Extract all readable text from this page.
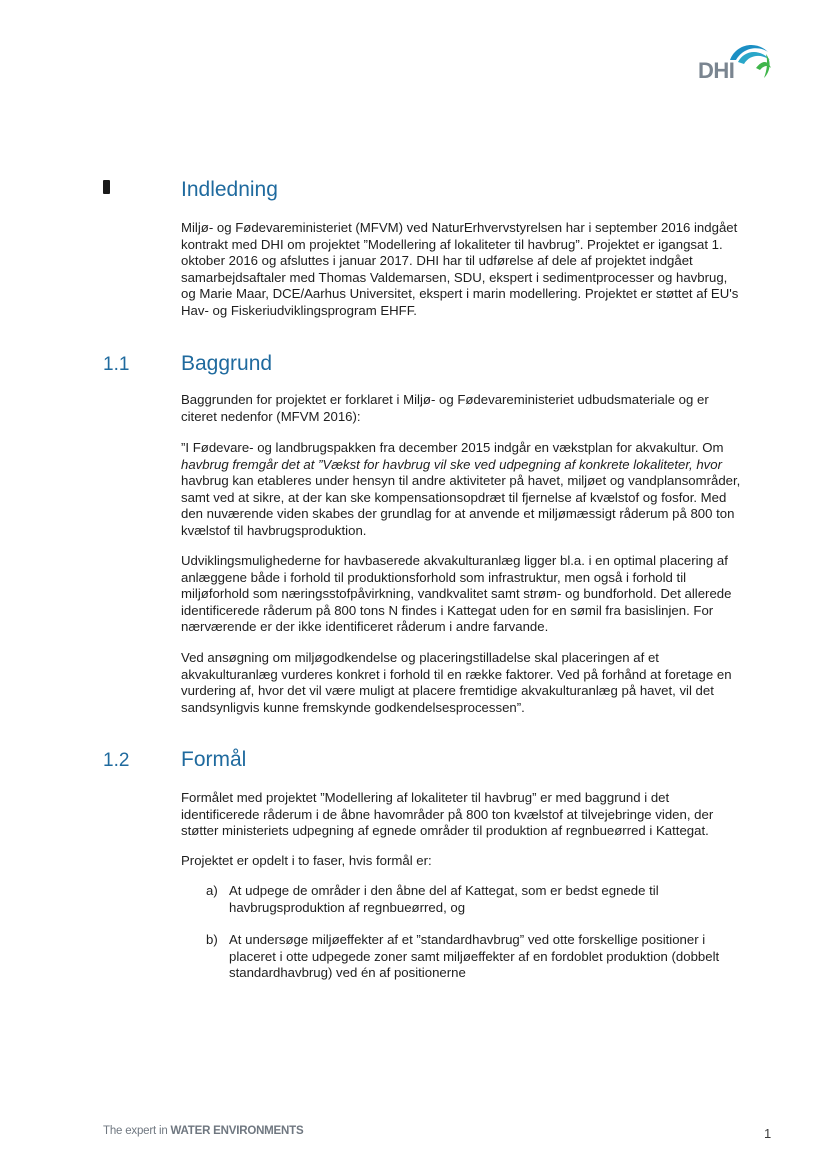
DHI
Indledning
Miljø- og Fødevareministeriet (MFVM) ved NaturErhvervstyrelsen har i september 2016 indgået
kontrakt med DHI om projektet ”Modellering af lokaliteter til havbrug”. Projektet er igangsat 1.
oktober 2016 og afsluttes i januar 2017. DHI har til udførelse af dele af projektet indgået
samarbejdsaftaler med Thomas Valdemarsen, SDU, ekspert i sedimentprocesser og havbrug,
og Marie Maar, DCE/Aarhus Universitet, ekspert i marin modellering. Projektet er støttet af EU's
Hav- og Fiskeriudviklingsprogram EHFF.
1.1 Baggrund
Baggrunden for projektet er forklaret i Miljø- og Fødevareministeriet udbudsmateriale og er
citeret nedenfor (MFVM 2016):
”I Fødevare- og landbrugspakken fra december 2015 indgår en vækstplan for akvakultur. Om
havbrug fremgår det at ”Vækst for havbrug vil ske ved udpegning af konkrete lokaliteter, hvor
havbrug kan etableres under hensyn til andre aktiviteter på havet, miljøet og vandplansområder,
samt ved at sikre, at der kan ske kompensationsopdræt til fjernelse af kvælstof og fosfor. Med
den nuværende viden skabes der grundlag for at anvende et miljømæssigt råderum på 800 ton
kvælstof til havbrugsproduktion.
Udviklingsmulighederne for havbaserede akvakulturanlæg ligger bl.a. i en optimal placering af
anlæggene både i forhold til produktionsforhold som infrastruktur, men også i forhold til
miljøforhold som næringsstofpåvirkning, vandkvalitet samt strøm- og bundforhold. Det allerede
identificerede råderum på 800 tons N findes i Kattegat uden for en sømil fra basislinjen. For
nærværende er der ikke identificeret råderum i andre farvande.
Ved ansøgning om miljøgodkendelse og placeringstilladelse skal placeringen af et
akvakulturanlæg vurderes konkret i forhold til en række faktorer. Ved på forhånd at foretage en
vurdering af, hvor det vil være muligt at placere fremtidige akvakulturanlæg på havet, vil det
sandsynligvis kunne fremskynde godkendelsesprocessen”.
1.2 Formål
Formålet med projektet ”Modellering af lokaliteter til havbrug” er med baggrund i det
identificerede råderum i de åbne havområder på 800 ton kvælstof at tilvejebringe viden, der
støtter ministeriets udpegning af egnede områder til produktion af regnbueørred i Kattegat.
Projektet er opdelt i to faser, hvis formål er:
a) At udpege de områder i den åbne del af Kattegat, som er bedst egnede til
havbrugsproduktion af regnbueørred, og
b) At undersøge miljøeffekter af et ”standardhavbrug” ved otte forskellige positioner i
placeret i otte udpegede zoner samt miljøeffekter af en fordoblet produktion (dobbelt
standardhavbrug) ved én af positionerne
The expert in WATER ENVIRONMENTS	1
